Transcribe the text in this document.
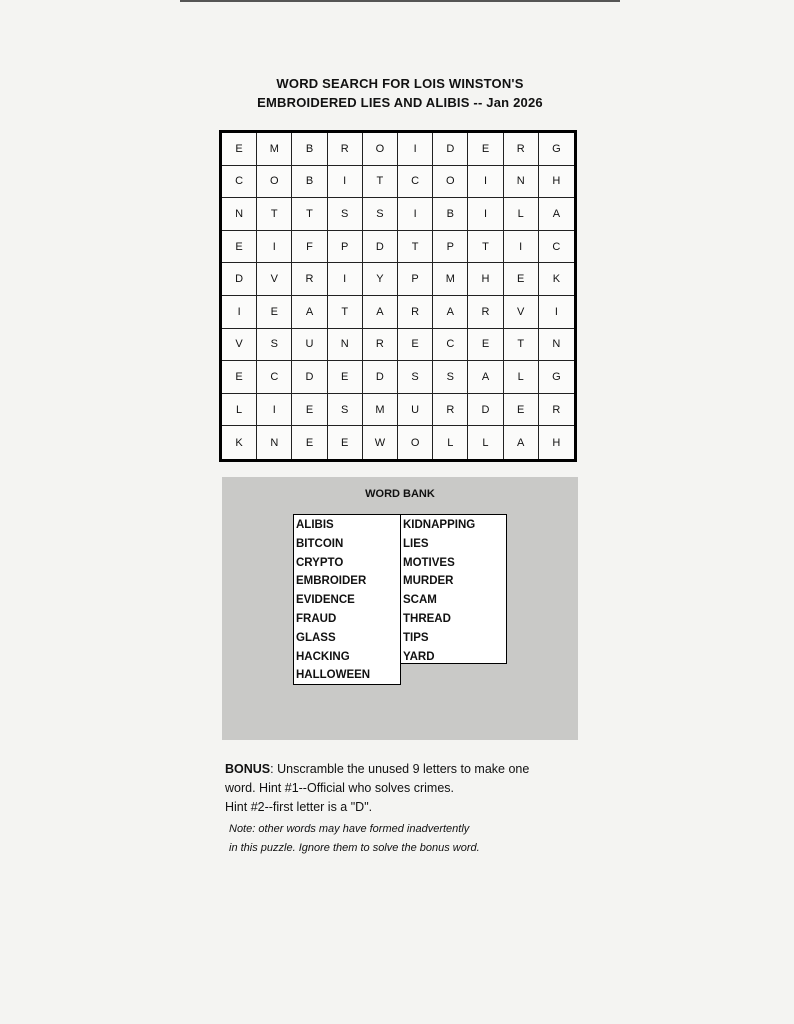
WORD SEARCH FOR LOIS WINSTON'S
EMBROIDERED LIES AND ALIBIS -- Jan 2026
E	M	B	R	O	I	D	E	R	G
C	O	B	I	T	C	O	I	N	H
N	T	T	S	S	I	B	I	L	A
E	I	F	P	D	T	P	T	I	C
D	V	R	I	Y	P	M	H	E	K
I	E	A	T	A	R	A	R	V	I
V	S	U	N	R	E	C	E	T	N
E	C	D	E	D	S	S	A	L	G
L	I	E	S	M	U	R	D	E	R
K	N	E	E	W	O	L	L	A	H
WORD BANK
ALIBIS
BITCOIN
CRYPTO
EMBROIDER
EVIDENCE
FRAUD
GLASS
HACKING
HALLOWEEN
KIDNAPPING
LIES
MOTIVES
MURDER
SCAM
THREAD
TIPS
YARD
BONUS: Unscramble the unused 9 letters to make one
word. Hint #1--Official who solves crimes.
Hint #2--first letter is a "D".
Note: other words may have formed inadvertently
in this puzzle. Ignore them to solve the bonus word.
